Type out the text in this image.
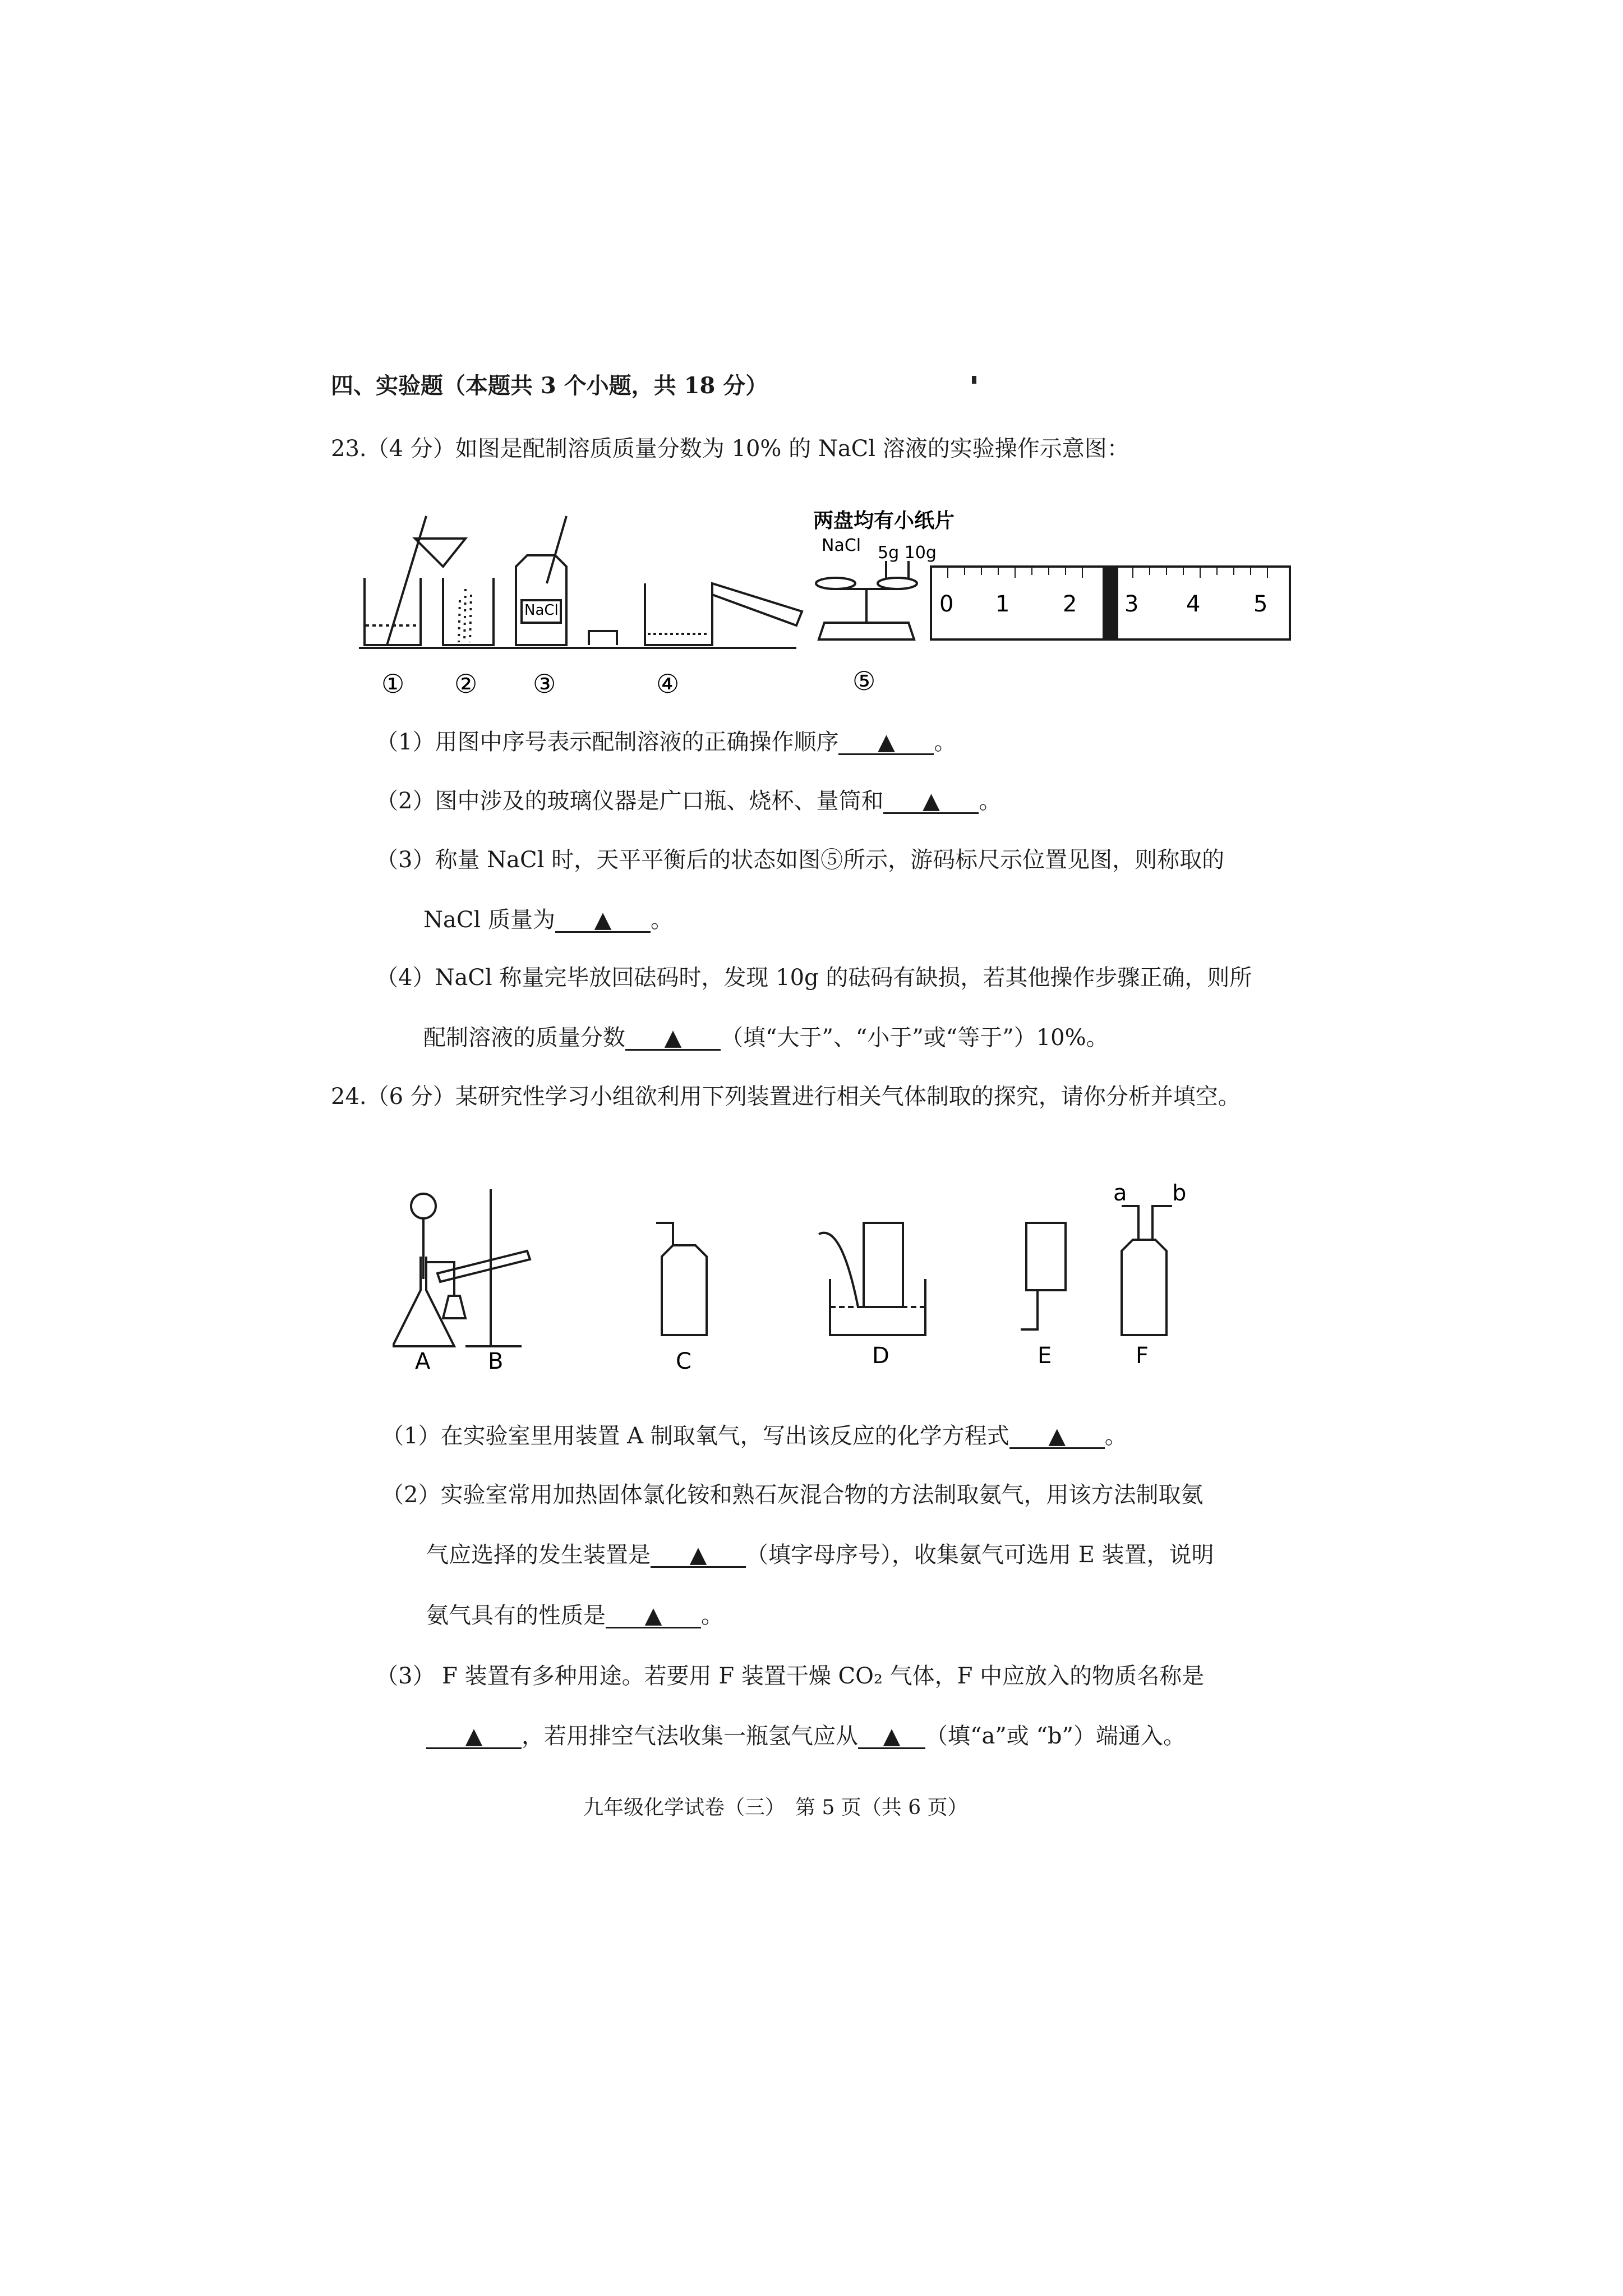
四、实验题（本题共 3 个小题，共 18 分）
23.（4 分）如图是配制溶质质量分数为 10% 的 NaCl 溶液的实验操作示意图：
NaCl
两盘均有小纸片
NaCl 5g 10g
0 1 2 3 4 5
① ② ③	④	⑤
（1）用图中序号表示配制溶液的正确操作顺序 ▲ 。
（2）图中涉及的玻璃仪器是广口瓶、烧杯、量筒和 ▲ 。
（3）称量 NaCl 时，天平平衡后的状态如图⑤所示，游码标尺示位置见图，则称取的
NaCl 质量为 ▲ 。
（4）NaCl 称量完毕放回砝码时，发现 10g 的砝码有缺损，若其他操作步骤正确，则所
配制溶液的质量分数 ▲ （填“大于”、“小于”或“等于”）10%。
24.（6 分）某研究性学习小组欲利用下列装置进行相关气体制取的探究，请你分析并填空。
A	B	C	D	E	F
a b
（1）在实验室里用装置 A 制取氧气，写出该反应的化学方程式 ▲ 。
（2）实验室常用加热固体氯化铵和熟石灰混合物的方法制取氨气，用该方法制取氨
气应选择的发生装置是 ▲ （填字母序号），收集氨气可选用 E 装置，说明
氨气具有的性质是 ▲ 。
（3） F 装置有多种用途。若要用 F 装置干燥 CO₂ 气体，F 中应放入的物质名称是
▲ ，若用排空气法收集一瓶氢气应从 ▲ （填“a”或 “b”）端通入。
九年级化学试卷（三）　第 5 页（共 6 页）
